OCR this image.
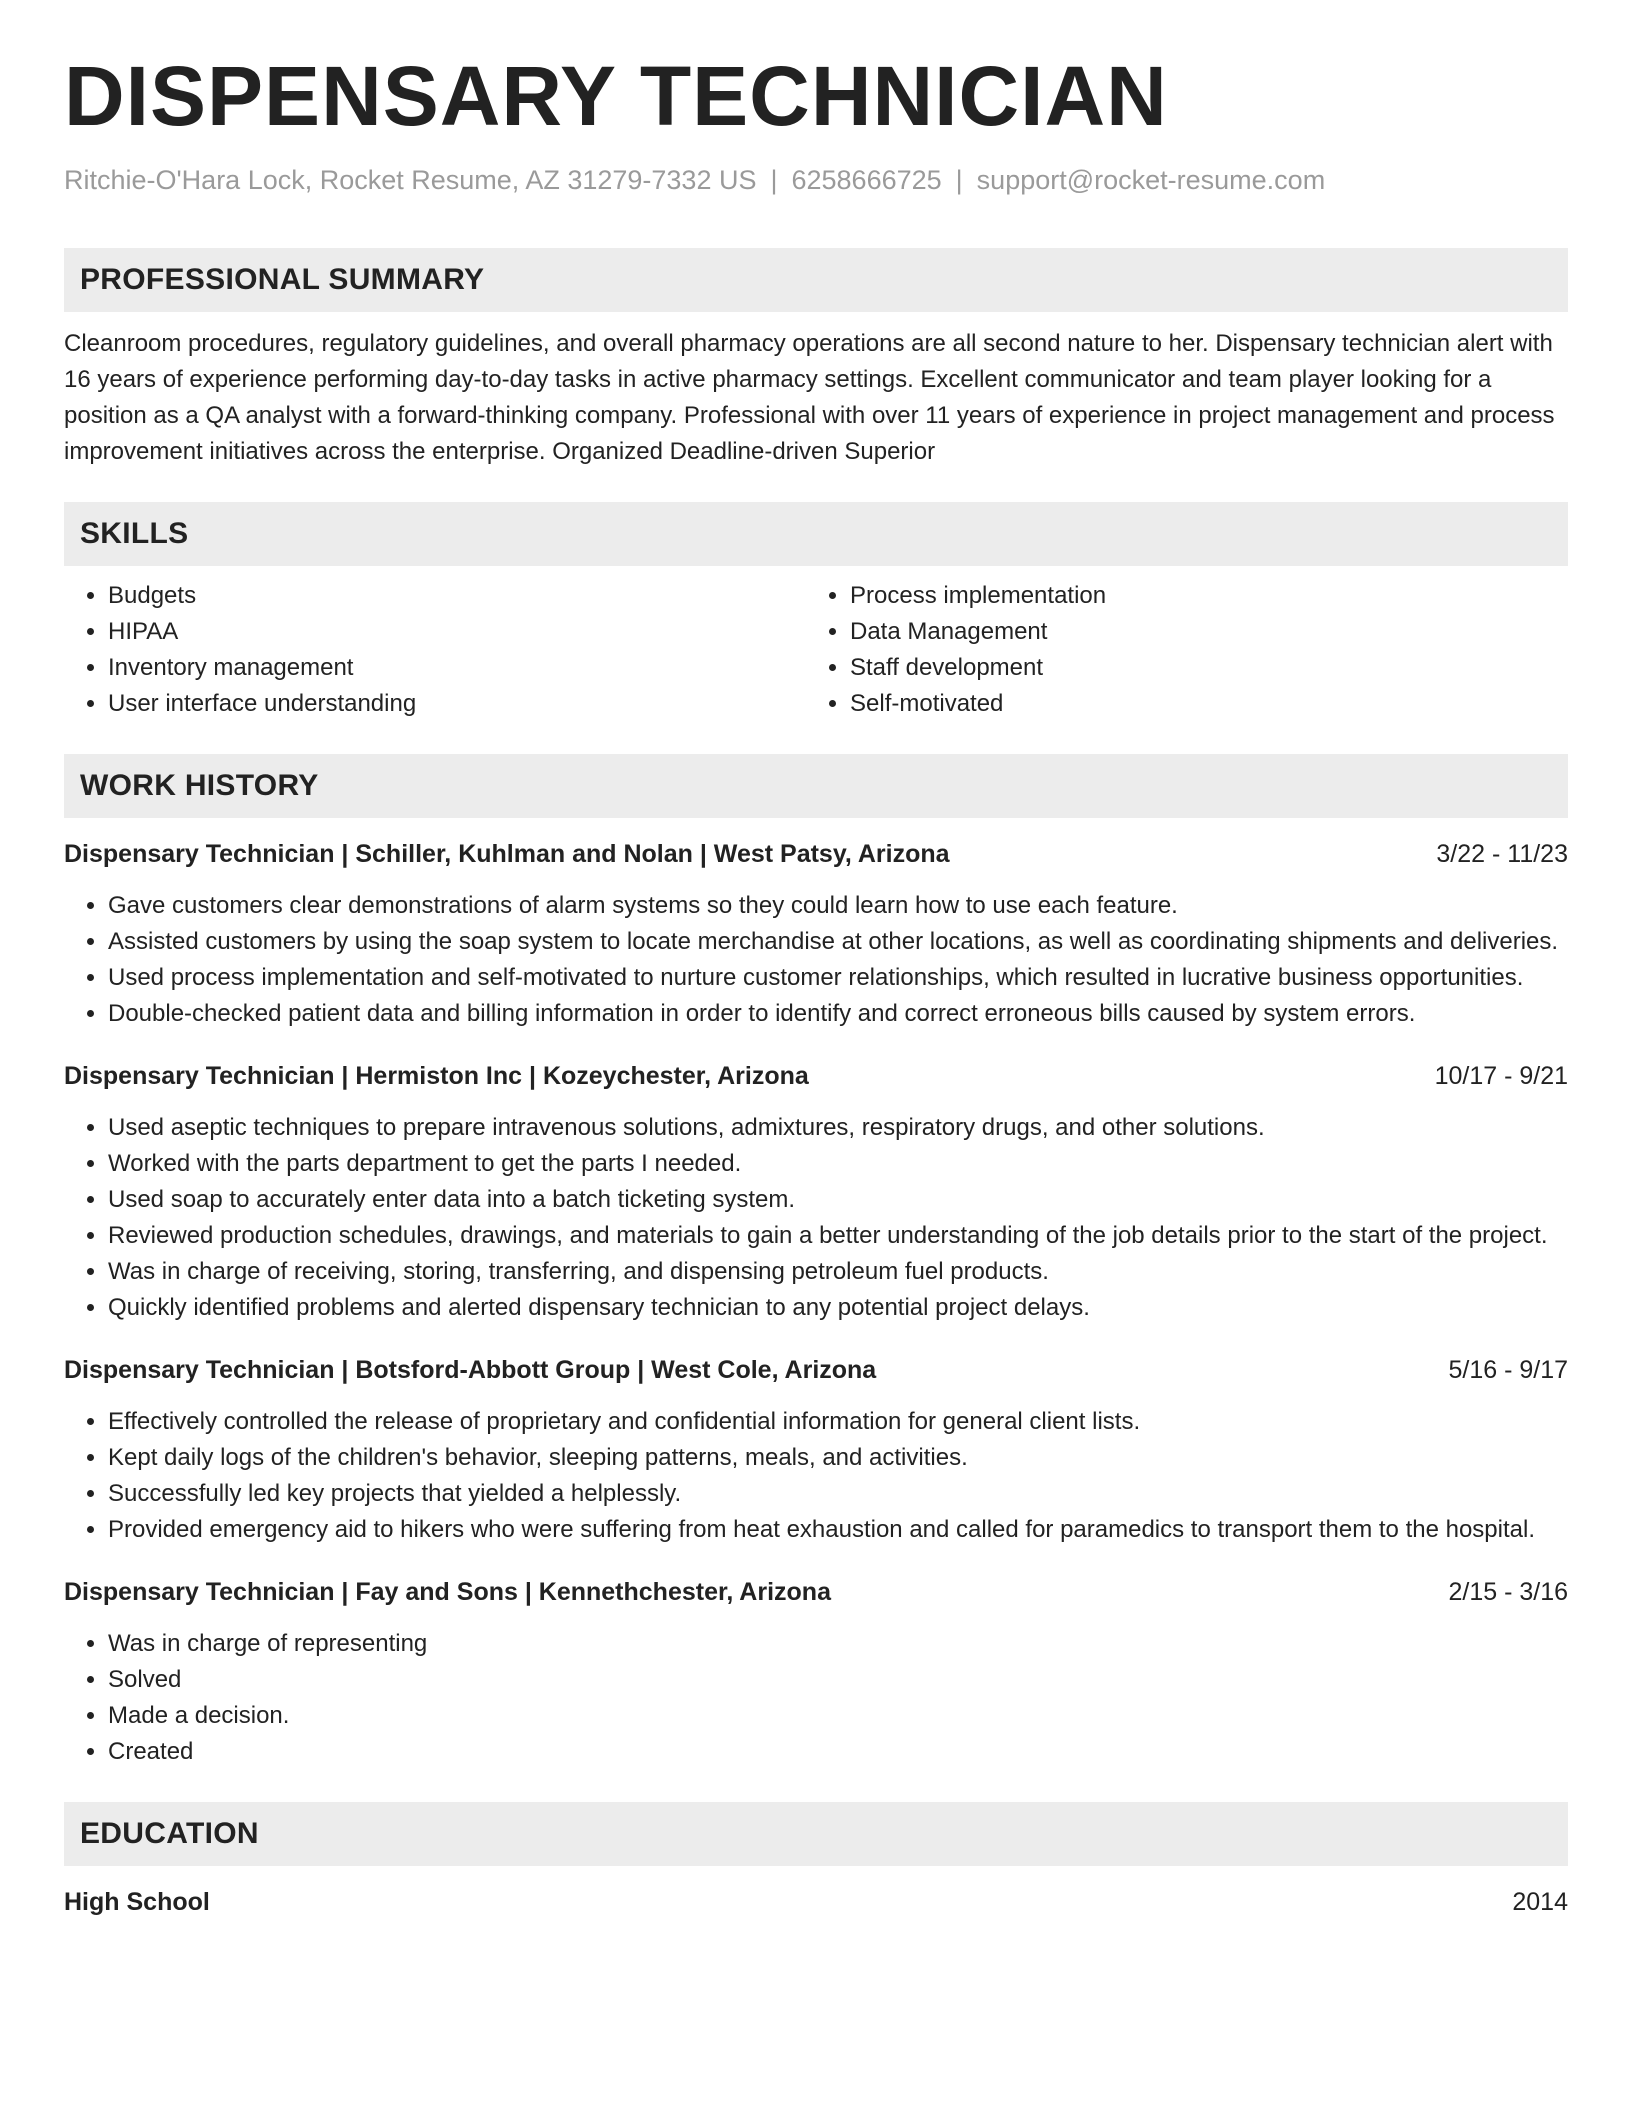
DISPENSARY TECHNICIAN
Ritchie-O'Hara Lock, Rocket Resume, AZ 31279-7332 US | 6258666725 | support@rocket-resume.com
PROFESSIONAL SUMMARY
Cleanroom procedures, regulatory guidelines, and overall pharmacy operations are all second nature to her. Dispensary technician alert with 16 years of experience performing day-to-day tasks in active pharmacy settings. Excellent communicator and team player looking for a position as a QA analyst with a forward-thinking company. Professional with over 11 years of experience in project management and process improvement initiatives across the enterprise. Organized Deadline-driven Superior
SKILLS
• Budgets
• HIPAA
• Inventory management
• User interface understanding
• Process implementation
• Data Management
• Staff development
• Self-motivated
WORK HISTORY
Dispensary Technician | Schiller, Kuhlman and Nolan | West Patsy, Arizona	3/22 - 11/23
• Gave customers clear demonstrations of alarm systems so they could learn how to use each feature.
• Assisted customers by using the soap system to locate merchandise at other locations, as well as coordinating shipments and deliveries.
• Used process implementation and self-motivated to nurture customer relationships, which resulted in lucrative business opportunities.
• Double-checked patient data and billing information in order to identify and correct erroneous bills caused by system errors.
Dispensary Technician | Hermiston Inc | Kozeychester, Arizona	10/17 - 9/21
• Used aseptic techniques to prepare intravenous solutions, admixtures, respiratory drugs, and other solutions.
• Worked with the parts department to get the parts I needed.
• Used soap to accurately enter data into a batch ticketing system.
• Reviewed production schedules, drawings, and materials to gain a better understanding of the job details prior to the start of the project.
• Was in charge of receiving, storing, transferring, and dispensing petroleum fuel products.
• Quickly identified problems and alerted dispensary technician to any potential project delays.
Dispensary Technician | Botsford-Abbott Group | West Cole, Arizona	5/16 - 9/17
• Effectively controlled the release of proprietary and confidential information for general client lists.
• Kept daily logs of the children's behavior, sleeping patterns, meals, and activities.
• Successfully led key projects that yielded a helplessly.
• Provided emergency aid to hikers who were suffering from heat exhaustion and called for paramedics to transport them to the hospital.
Dispensary Technician | Fay and Sons | Kennethchester, Arizona	2/15 - 3/16
• Was in charge of representing
• Solved
• Made a decision.
• Created
EDUCATION
High School	2014
